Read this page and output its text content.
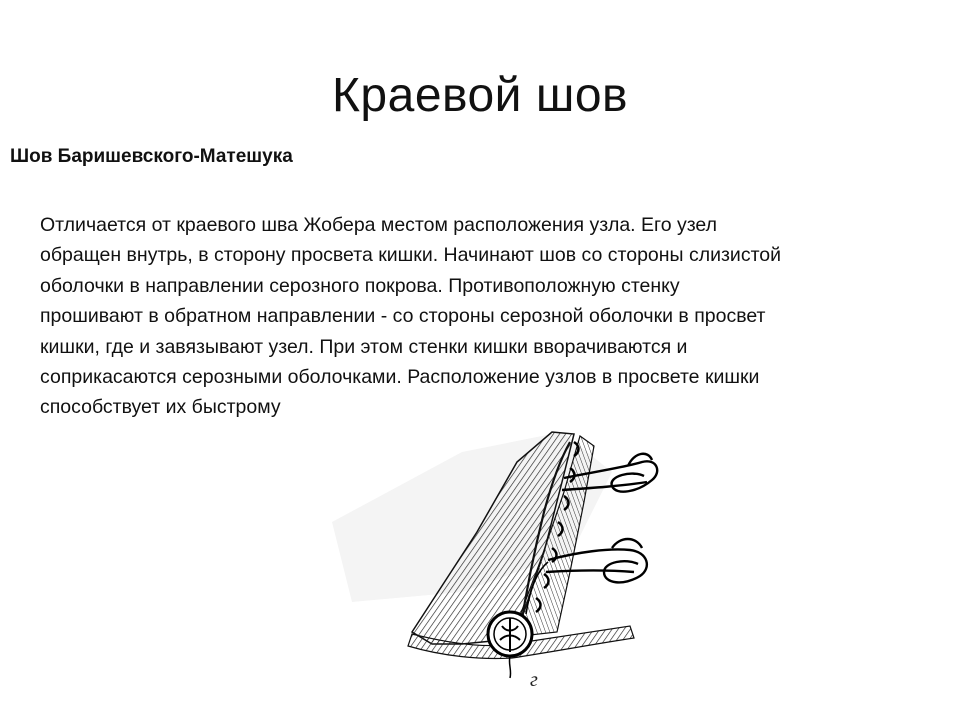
Краевой шов
Шов Баришевского-Матешука

Отличается от краевого шва Жобера местом расположения узла. Его узел
обращен внутрь, в сторону просвета кишки. Начинают шов со стороны слизистой
оболочки в направлении серозного покрова. Противоположную стенку
прошивают в обратном направлении - со стороны серозной оболочки в просвет
кишки, где и завязывают узел. При этом стенки кишки вворачиваются и
соприкасаются серозными оболочками. Расположение узлов в просвете кишки
способствует их быстрому

г
